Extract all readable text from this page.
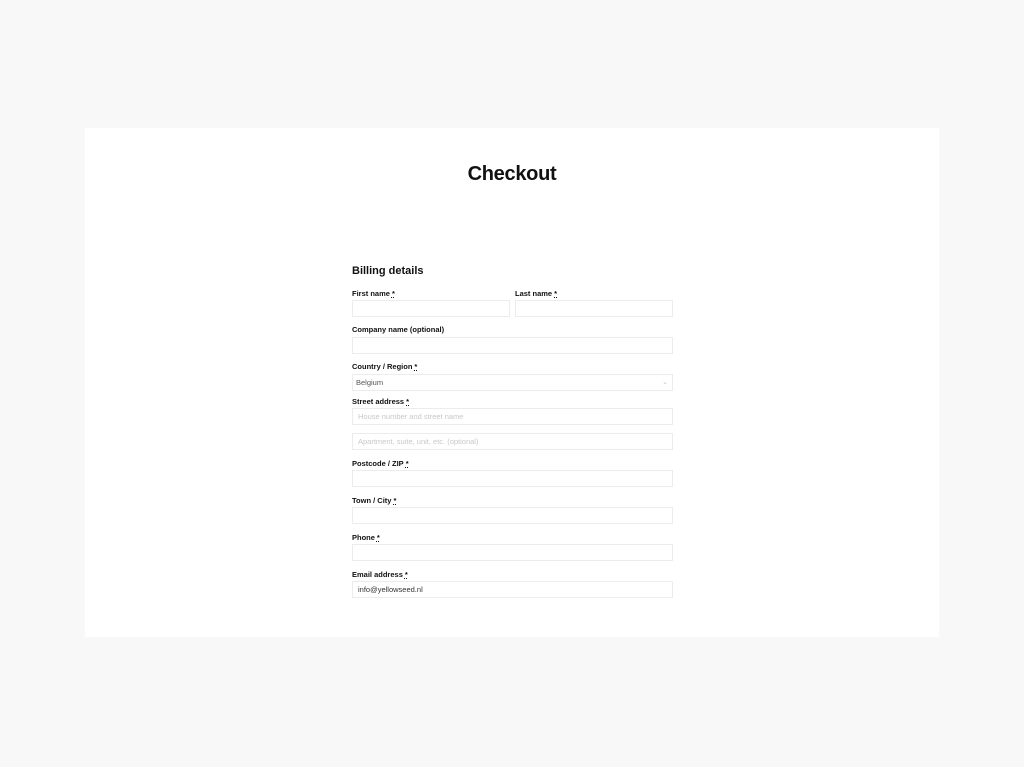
Checkout
Billing details
First name *	Last name *
Company name (optional)
Country / Region *
Belgium	⌄
Street address *
House number and street name
Apartment, suite, unit, etc. (optional)
Postcode / ZIP *
Town / City *
Phone *
Email address *
info@yellowseed.nl
